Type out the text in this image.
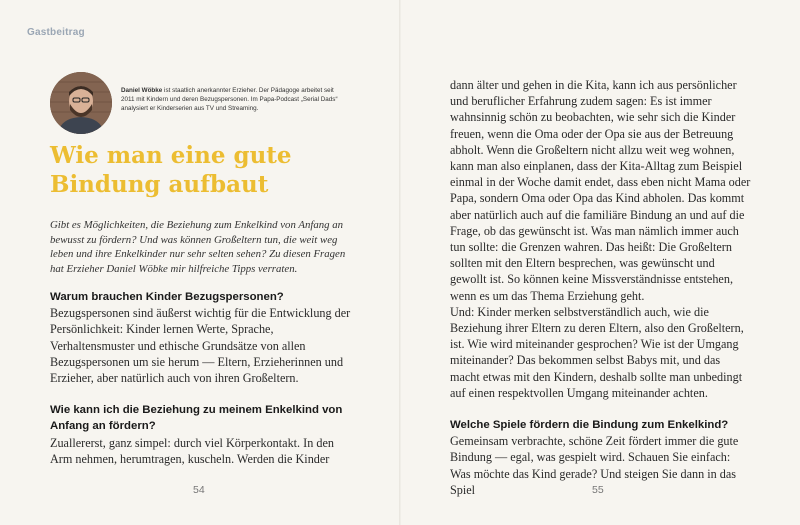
Gastbeitrag
Daniel Wöbke ist staatlich anerkannter Erzieher. Der Pädagoge arbeitet seit 2011 mit Kindern und deren Bezugspersonen. Im Papa-Podcast „Serial Dads“ analysiert er Kinderserien aus TV und Streaming.
Wie man eine gute
Bindung aufbaut

Gibt es Möglichkeiten, die Beziehung zum Enkelkind von Anfang an bewusst zu fördern? Und was können Großeltern tun, die weit weg leben und ihre Enkelkinder nur sehr selten sehen? Zu diesen Fragen hat Erzieher Daniel Wöbke mir hilfreiche Tipps verraten.

Warum brauchen Kinder Bezugspersonen?

Bezugspersonen sind äußerst wichtig für die Entwicklung der Persönlichkeit: Kinder lernen Werte, Sprache, Verhaltensmuster und ethische Grundsätze von allen Bezugspersonen um sie herum — Eltern, Erzieherinnen und Erzieher, aber natürlich auch von ihren Großeltern.

Wie kann ich die Beziehung zu meinem Enkelkind von Anfang an fördern?

Zuallererst, ganz simpel: durch viel Körperkontakt. In den Arm nehmen, herumtragen, kuscheln. Werden die Kinder

dann älter und gehen in die Kita, kann ich aus persönlicher und beruflicher Erfahrung zudem sagen: Es ist immer wahnsinnig schön zu beobachten, wie sehr sich die Kinder freuen, wenn die Oma oder der Opa sie aus der Betreuung abholt. Wenn die Großeltern nicht allzu weit weg wohnen, kann man also einplanen, dass der Kita-Alltag zum Beispiel einmal in der Woche damit endet, dass eben nicht Mama oder Papa, sondern Oma oder Opa das Kind abholen. Das kommt aber natürlich auch auf die familiäre Bindung an und auf die Frage, ob das gewünscht ist. Was man nämlich immer auch tun sollte: die Grenzen wahren. Das heißt: Die Großeltern sollten mit den Eltern besprechen, was gewünscht und gewollt ist. So können keine Missverständnisse entstehen, wenn es um das Thema Erziehung geht.

Und: Kinder merken selbstverständlich auch, wie die Beziehung ihrer Eltern zu deren Eltern, also den Großeltern, ist. Wie wird miteinander gesprochen? Wie ist der Umgang miteinander? Das bekommen selbst Babys mit, und das macht etwas mit den Kindern, deshalb sollte man unbedingt auf einen respektvollen Umgang miteinander achten.

Welche Spiele fördern die Bindung zum Enkelkind?

Gemeinsam verbrachte, schöne Zeit fördert immer die gute Bindung — egal, was gespielt wird. Schauen Sie einfach: Was möchte das Kind gerade? Und steigen Sie dann in das Spiel

54	55
